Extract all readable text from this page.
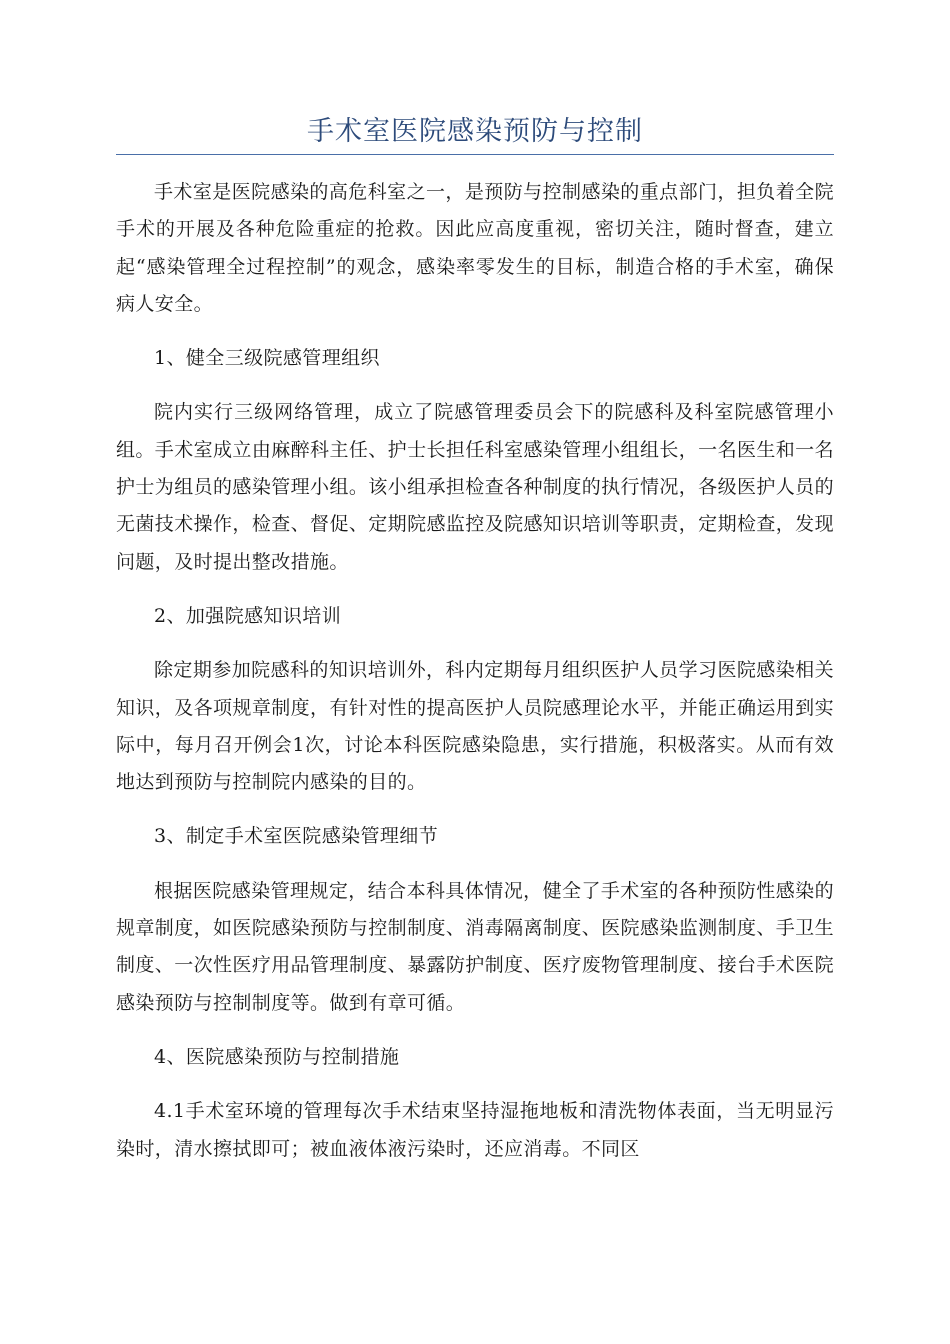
手术室医院感染预防与控制

手术室是医院感染的高危科室之一，是预防与控制感染的重点部门，担负着全院手术的开展及各种危险重症的抢救。因此应高度重视，密切关注，随时督查，建立起“感染管理全过程控制”的观念，感染率零发生的目标，制造合格的手术室，确保病人安全。

1、健全三级院感管理组织

院内实行三级网络管理，成立了院感管理委员会下的院感科及科室院感管理小组。手术室成立由麻醉科主任、护士长担任科室感染管理小组组长，一名医生和一名护士为组员的感染管理小组。该小组承担检查各种制度的执行情况，各级医护人员的无菌技术操作，检查、督促、定期院感监控及院感知识培训等职责，定期检查，发现问题，及时提出整改措施。

2、加强院感知识培训

除定期参加院感科的知识培训外，科内定期每月组织医护人员学习医院感染相关知识，及各项规章制度，有针对性的提高医护人员院感理论水平，并能正确运用到实际中，每月召开例会1次，讨论本科医院感染隐患，实行措施，积极落实。从而有效地达到预防与控制院内感染的目的。

3、制定手术室医院感染管理细节

根据医院感染管理规定，结合本科具体情况，健全了手术室的各种预防性感染的规章制度，如医院感染预防与控制制度、消毒隔离制度、医院感染监测制度、手卫生制度、一次性医疗用品管理制度、暴露防护制度、医疗废物管理制度、接台手术医院感染预防与控制制度等。做到有章可循。

4、医院感染预防与控制措施

4.1手术室环境的管理每次手术结束坚持湿拖地板和清洗物体表面，当无明显污染时，清水擦拭即可；被血液体液污染时，还应消毒。不同区
